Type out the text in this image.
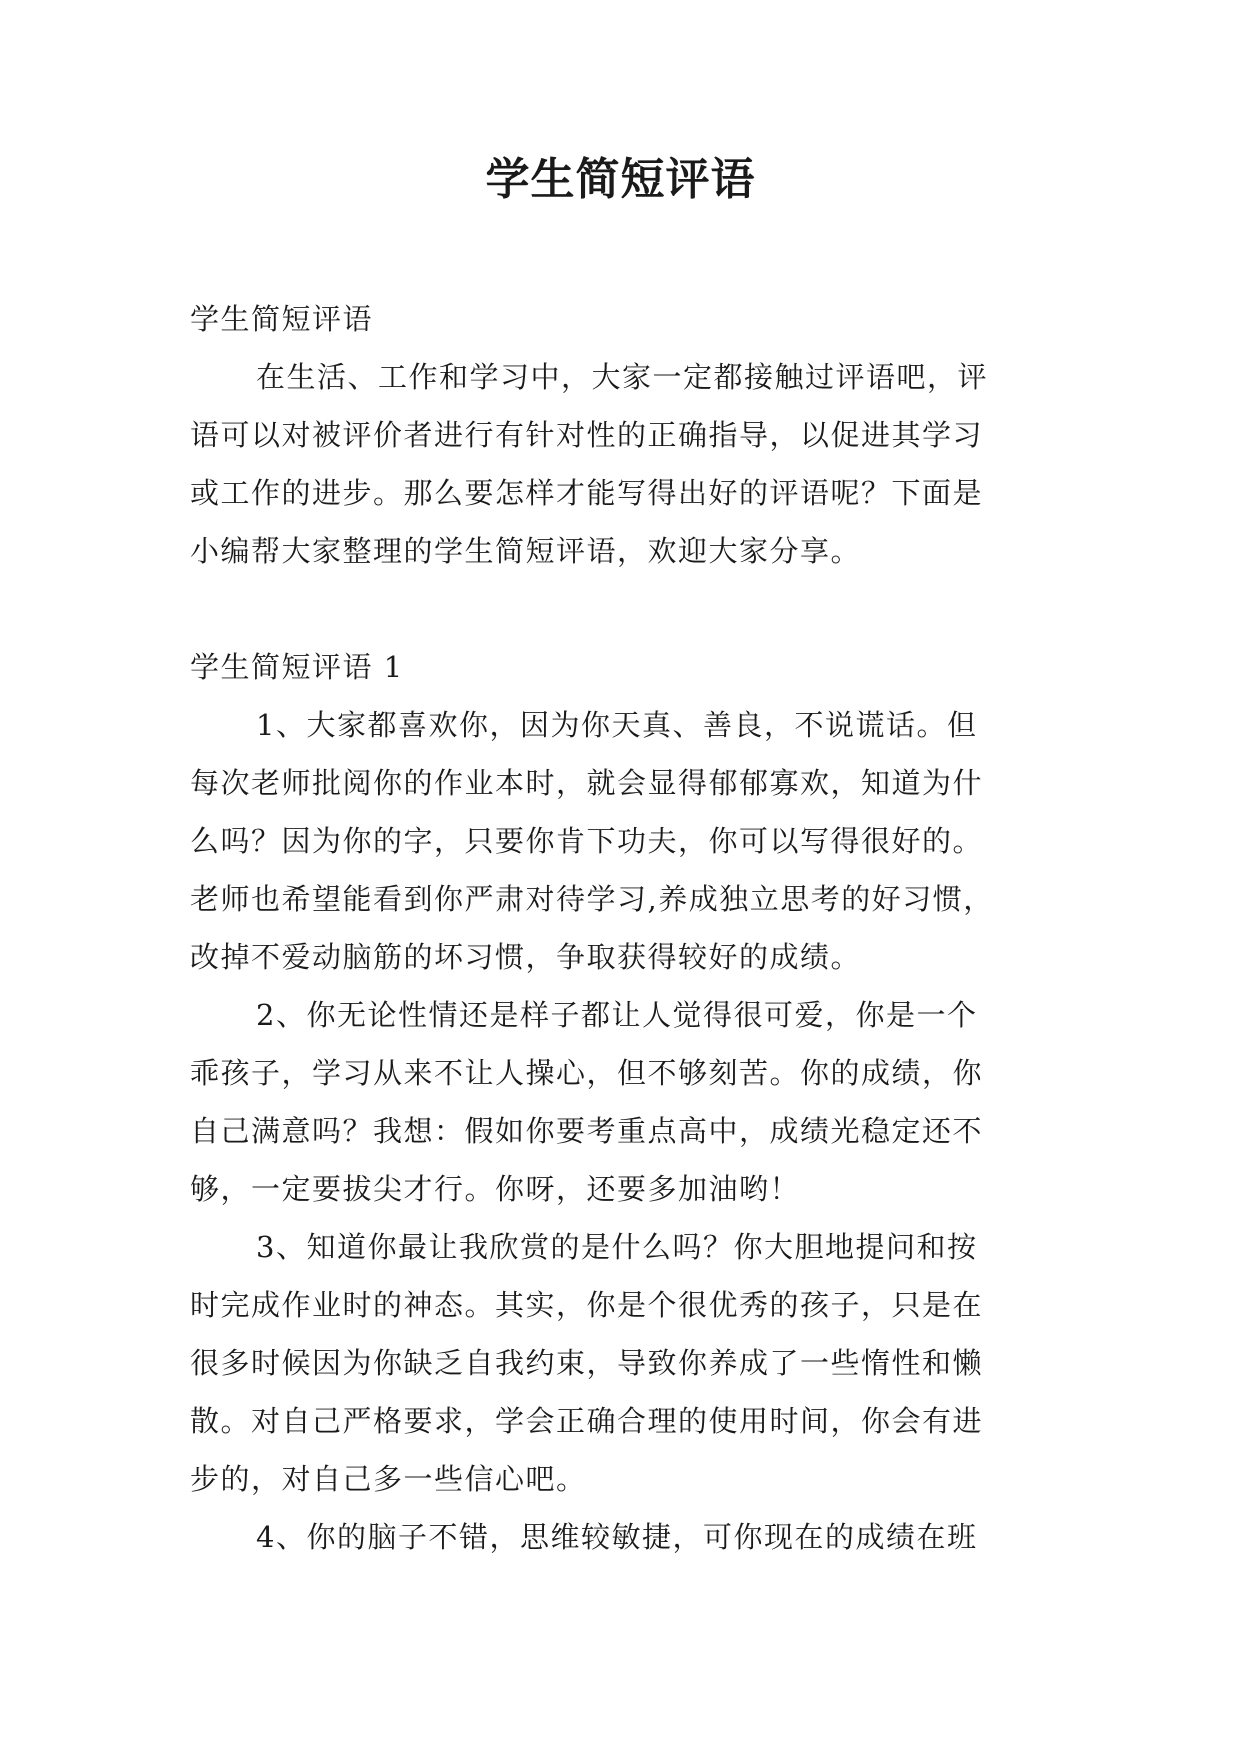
学生简短评语
学生简短评语
在生活、工作和学习中，大家一定都接触过评语吧，评
语可以对被评价者进行有针对性的正确指导，以促进其学习
或工作的进步。那么要怎样才能写得出好的评语呢？下面是
小编帮大家整理的学生简短评语，欢迎大家分享。
学生简短评语 1
1、大家都喜欢你，因为你天真、善良，不说谎话。但
每次老师批阅你的作业本时，就会显得郁郁寡欢，知道为什
么吗？因为你的字，只要你肯下功夫，你可以写得很好的。
老师也希望能看到你严肃对待学习,养成独立思考的好习惯，
改掉不爱动脑筋的坏习惯，争取获得较好的成绩。
2、你无论性情还是样子都让人觉得很可爱，你是一个
乖孩子，学习从来不让人操心，但不够刻苦。你的成绩，你
自己满意吗？我想：假如你要考重点高中，成绩光稳定还不
够，一定要拔尖才行。你呀，还要多加油哟！
3、知道你最让我欣赏的是什么吗？你大胆地提问和按
时完成作业时的神态。其实，你是个很优秀的孩子，只是在
很多时候因为你缺乏自我约束，导致你养成了一些惰性和懒
散。对自己严格要求，学会正确合理的使用时间，你会有进
步的，对自己多一些信心吧。
4、你的脑子不错，思维较敏捷，可你现在的成绩在班
